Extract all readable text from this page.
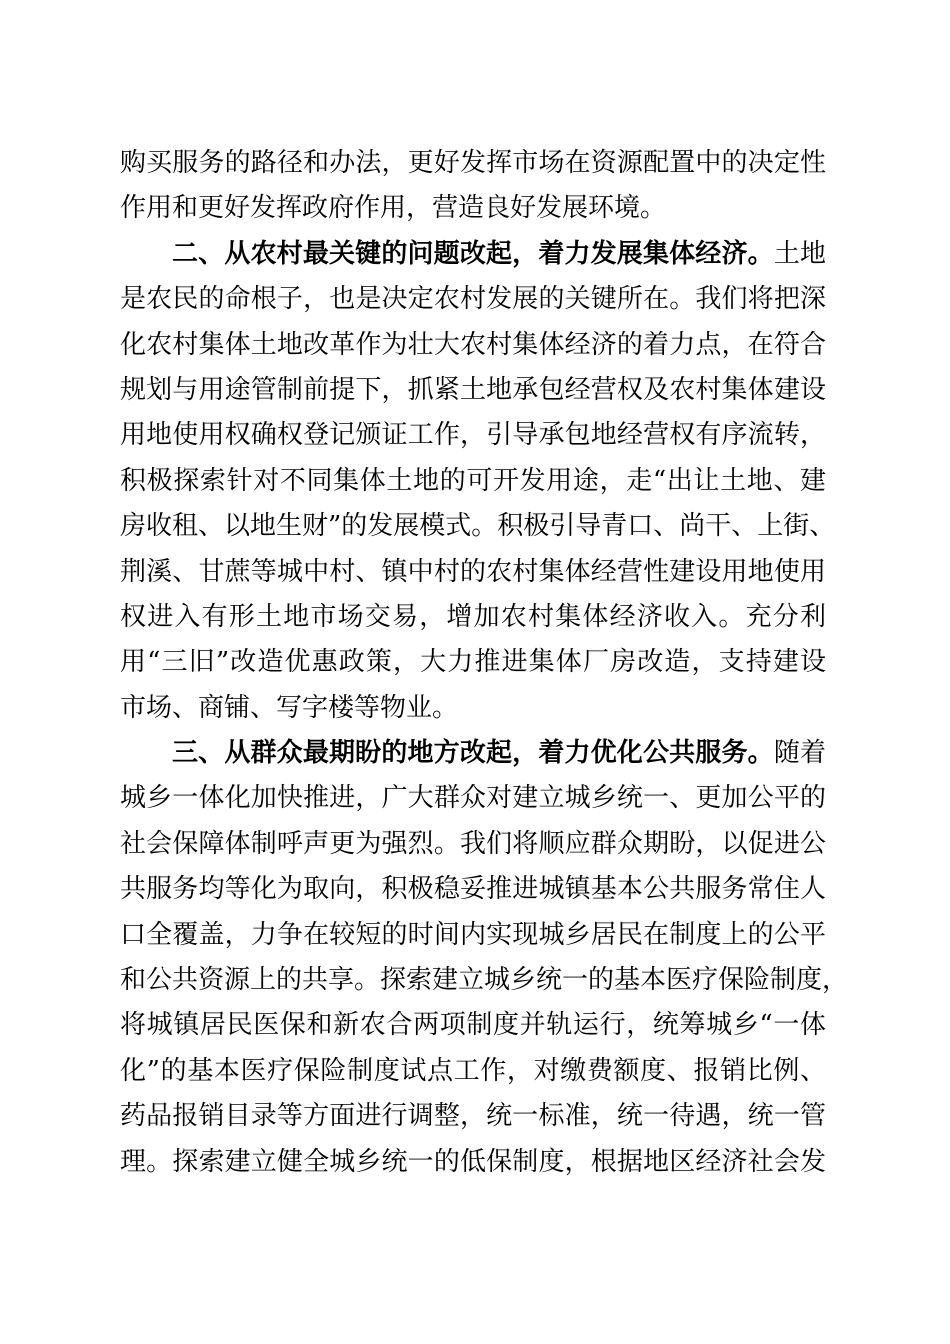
购买服务的路径和办法，更好发挥市场在资源配置中的决定性
作用和更好发挥政府作用，营造良好发展环境。
二、从农村最关键的问题改起，着力发展集体经济。土地
是农民的命根子，也是决定农村发展的关键所在。我们将把深
化农村集体土地改革作为壮大农村集体经济的着力点，在符合
规划与用途管制前提下，抓紧土地承包经营权及农村集体建设
用地使用权确权登记颁证工作，引导承包地经营权有序流转，
积极探索针对不同集体土地的可开发用途，走“出让土地、建
房收租、以地生财”的发展模式。积极引导青口、尚干、上街、
荆溪、甘蔗等城中村、镇中村的农村集体经营性建设用地使用
权进入有形土地市场交易，增加农村集体经济收入。充分利
用“三旧”改造优惠政策，大力推进集体厂房改造，支持建设
市场、商铺、写字楼等物业。
三、从群众最期盼的地方改起，着力优化公共服务。随着
城乡一体化加快推进，广大群众对建立城乡统一、更加公平的
社会保障体制呼声更为强烈。我们将顺应群众期盼，以促进公
共服务均等化为取向，积极稳妥推进城镇基本公共服务常住人
口全覆盖，力争在较短的时间内实现城乡居民在制度上的公平
和公共资源上的共享。探索建立城乡统一的基本医疗保险制度，
将城镇居民医保和新农合两项制度并轨运行，统筹城乡“一体
化”的基本医疗保险制度试点工作，对缴费额度、报销比例、
药品报销目录等方面进行调整，统一标准，统一待遇，统一管
理。探索建立健全城乡统一的低保制度，根据地区经济社会发
